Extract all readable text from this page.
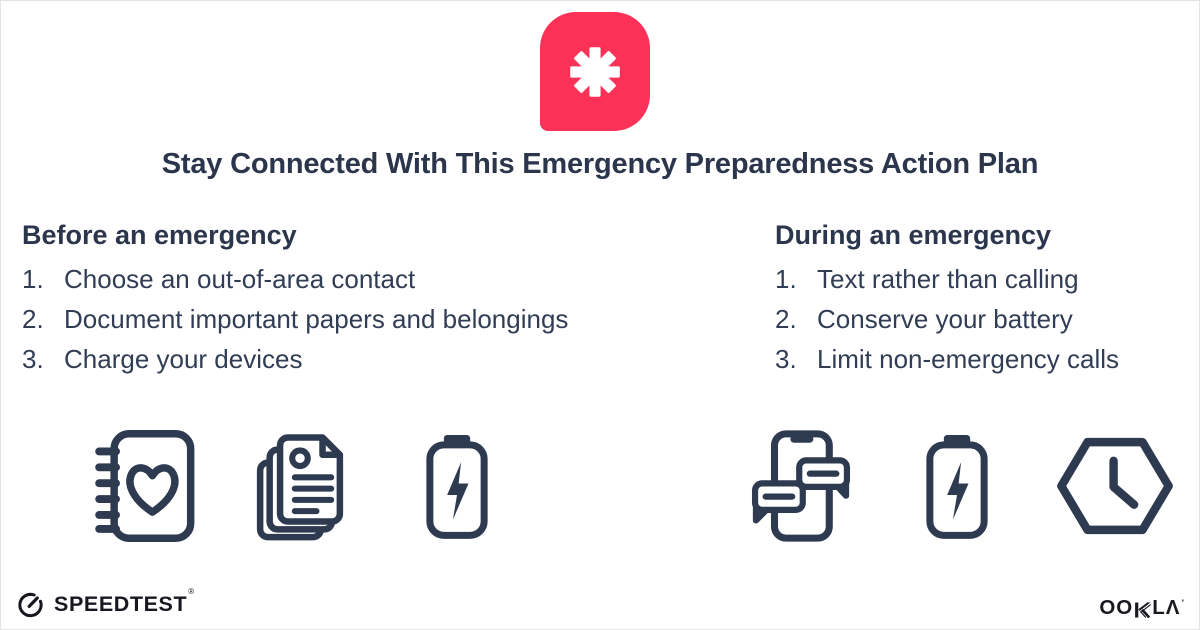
Stay Connected With This Emergency Preparedness Action Plan
Before an emergency
1. Choose an out-of-area contact
2. Document important papers and belongings
3. Charge your devices
During an emergency
1. Text rather than calling
2. Conserve your battery
3. Limit non-emergency calls
SPEEDTEST®
OO LΛ ’
